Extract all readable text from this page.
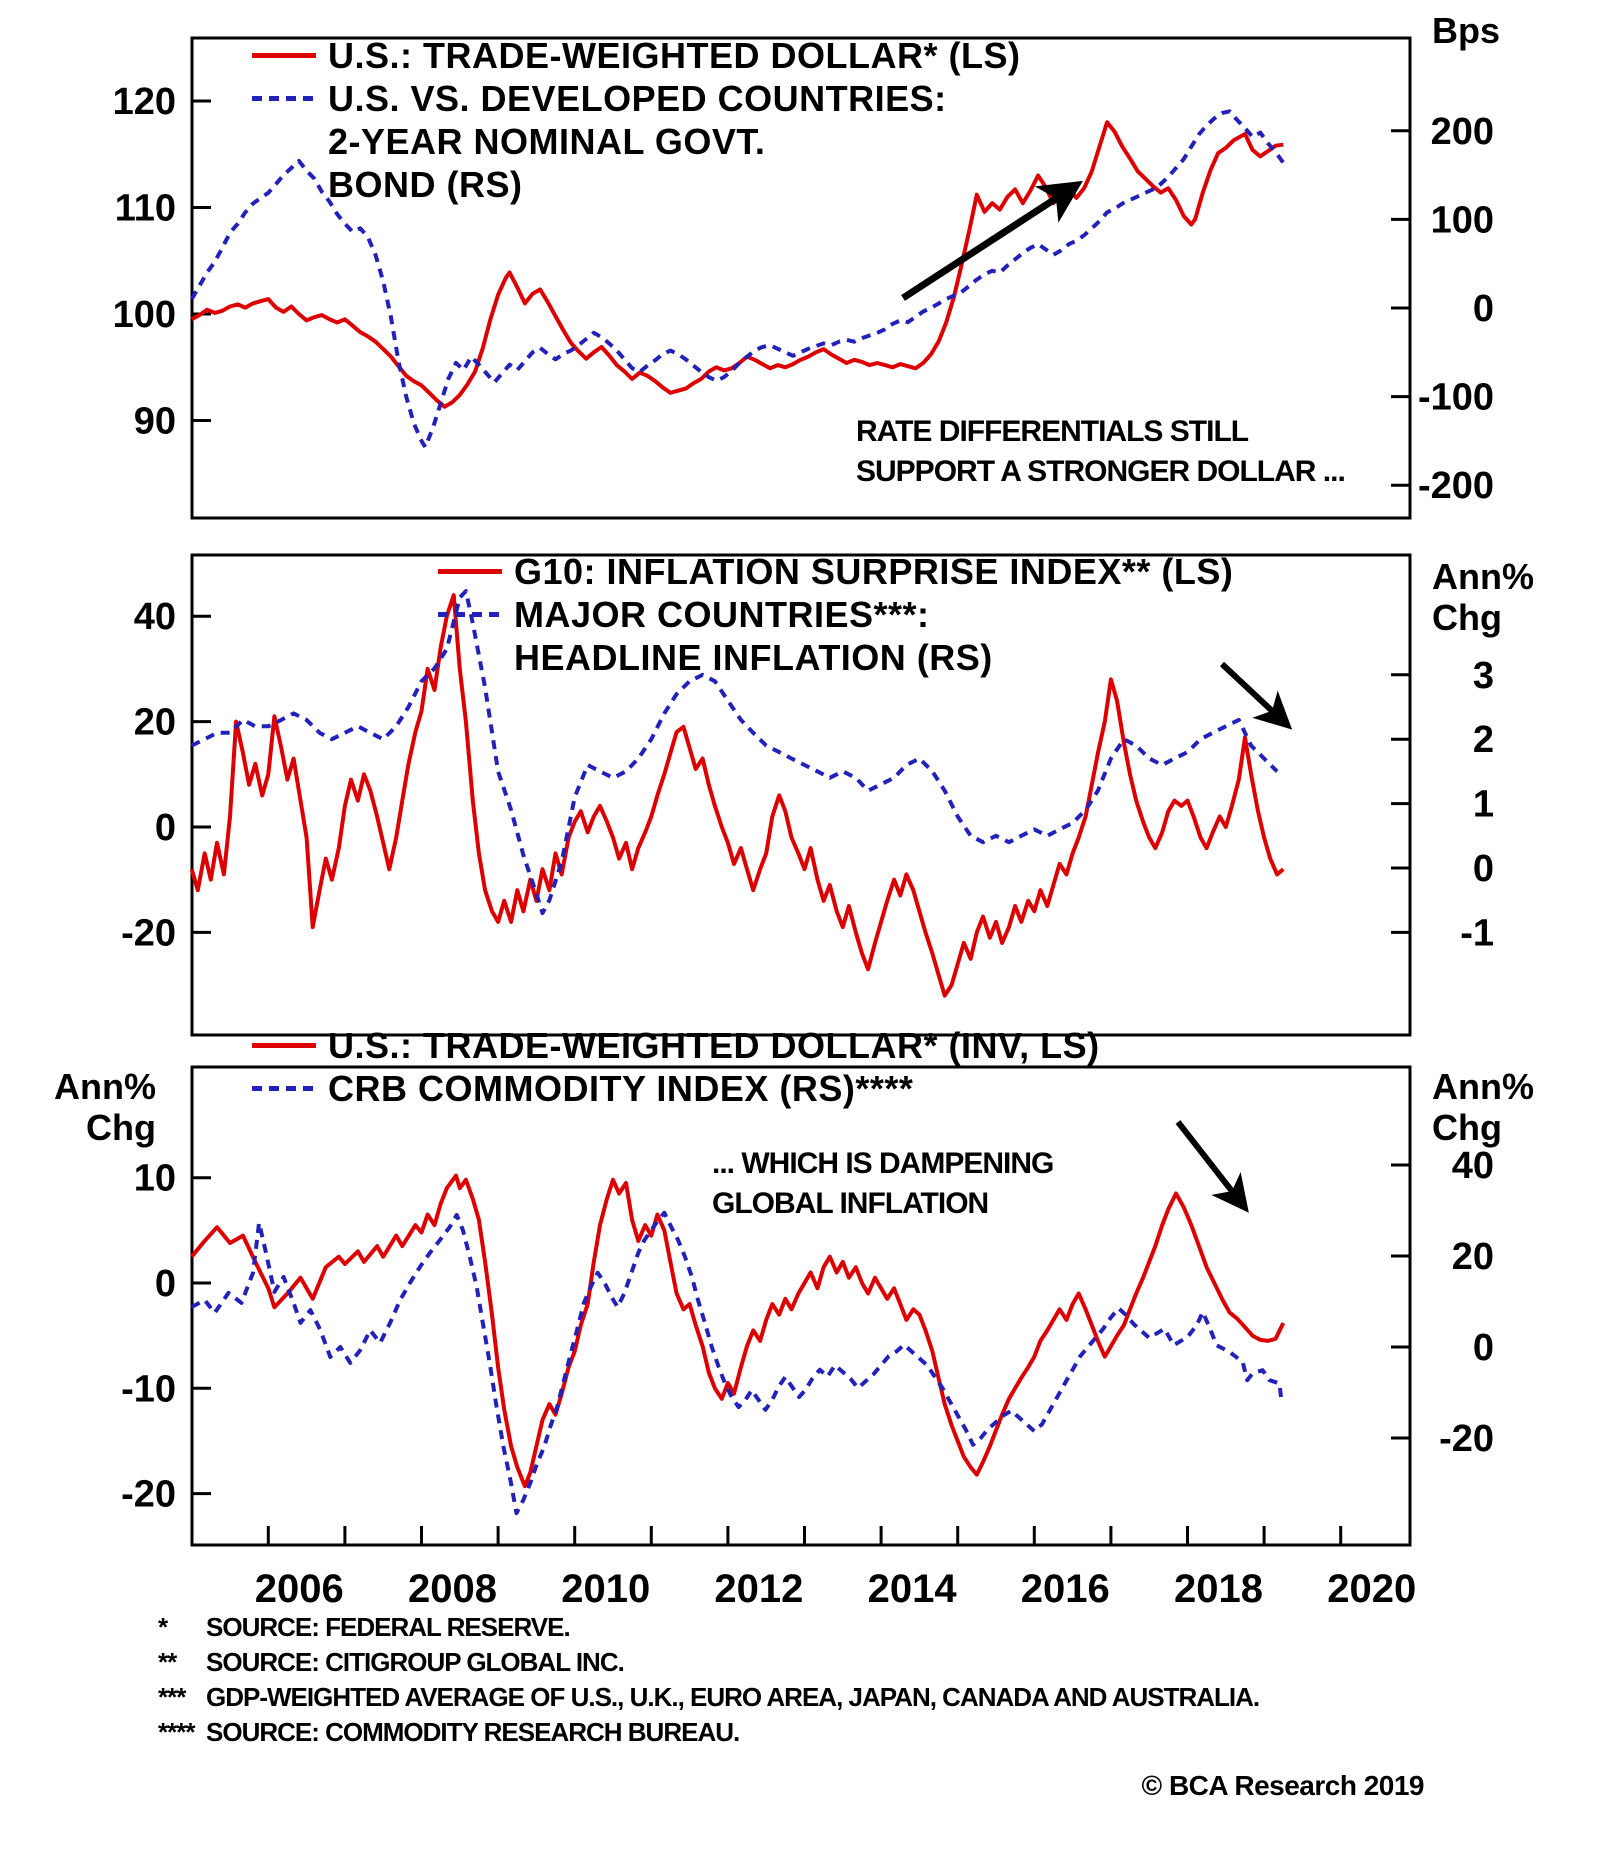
120
110
100
90
200
100
0
-100
-200
40
20
0
-20
3
2
1
0
-1
10
0
-10
-20
40
20
0
-20
2006 2008 2010 2012 2014 2016 2018 2020
U.S.: TRADE-WEIGHTED DOLLAR* (LS)
U.S. VS. DEVELOPED COUNTRIES:
2-YEAR NOMINAL GOVT.
BOND (RS)
Bps
RATE DIFFERENTIALS STILL
SUPPORT A STRONGER DOLLAR ...
G10: INFLATION SURPRISE INDEX** (LS)
MAJOR COUNTRIES***:
HEADLINE INFLATION (RS)
Ann%
Chg
U.S.: TRADE-WEIGHTED DOLLAR* (INV, LS)
CRB COMMODITY INDEX (RS)****
Ann%
Chg
Ann%
Chg
... WHICH IS DAMPENING
GLOBAL INFLATION
*	SOURCE: FEDERAL RESERVE.
**	SOURCE: CITIGROUP GLOBAL INC.
*** GDP-WEIGHTED AVERAGE OF U.S., U.K., EURO AREA, JAPAN, CANADA AND AUSTRALIA.
**** SOURCE: COMMODITY RESEARCH BUREAU.
© BCA Research 2019
